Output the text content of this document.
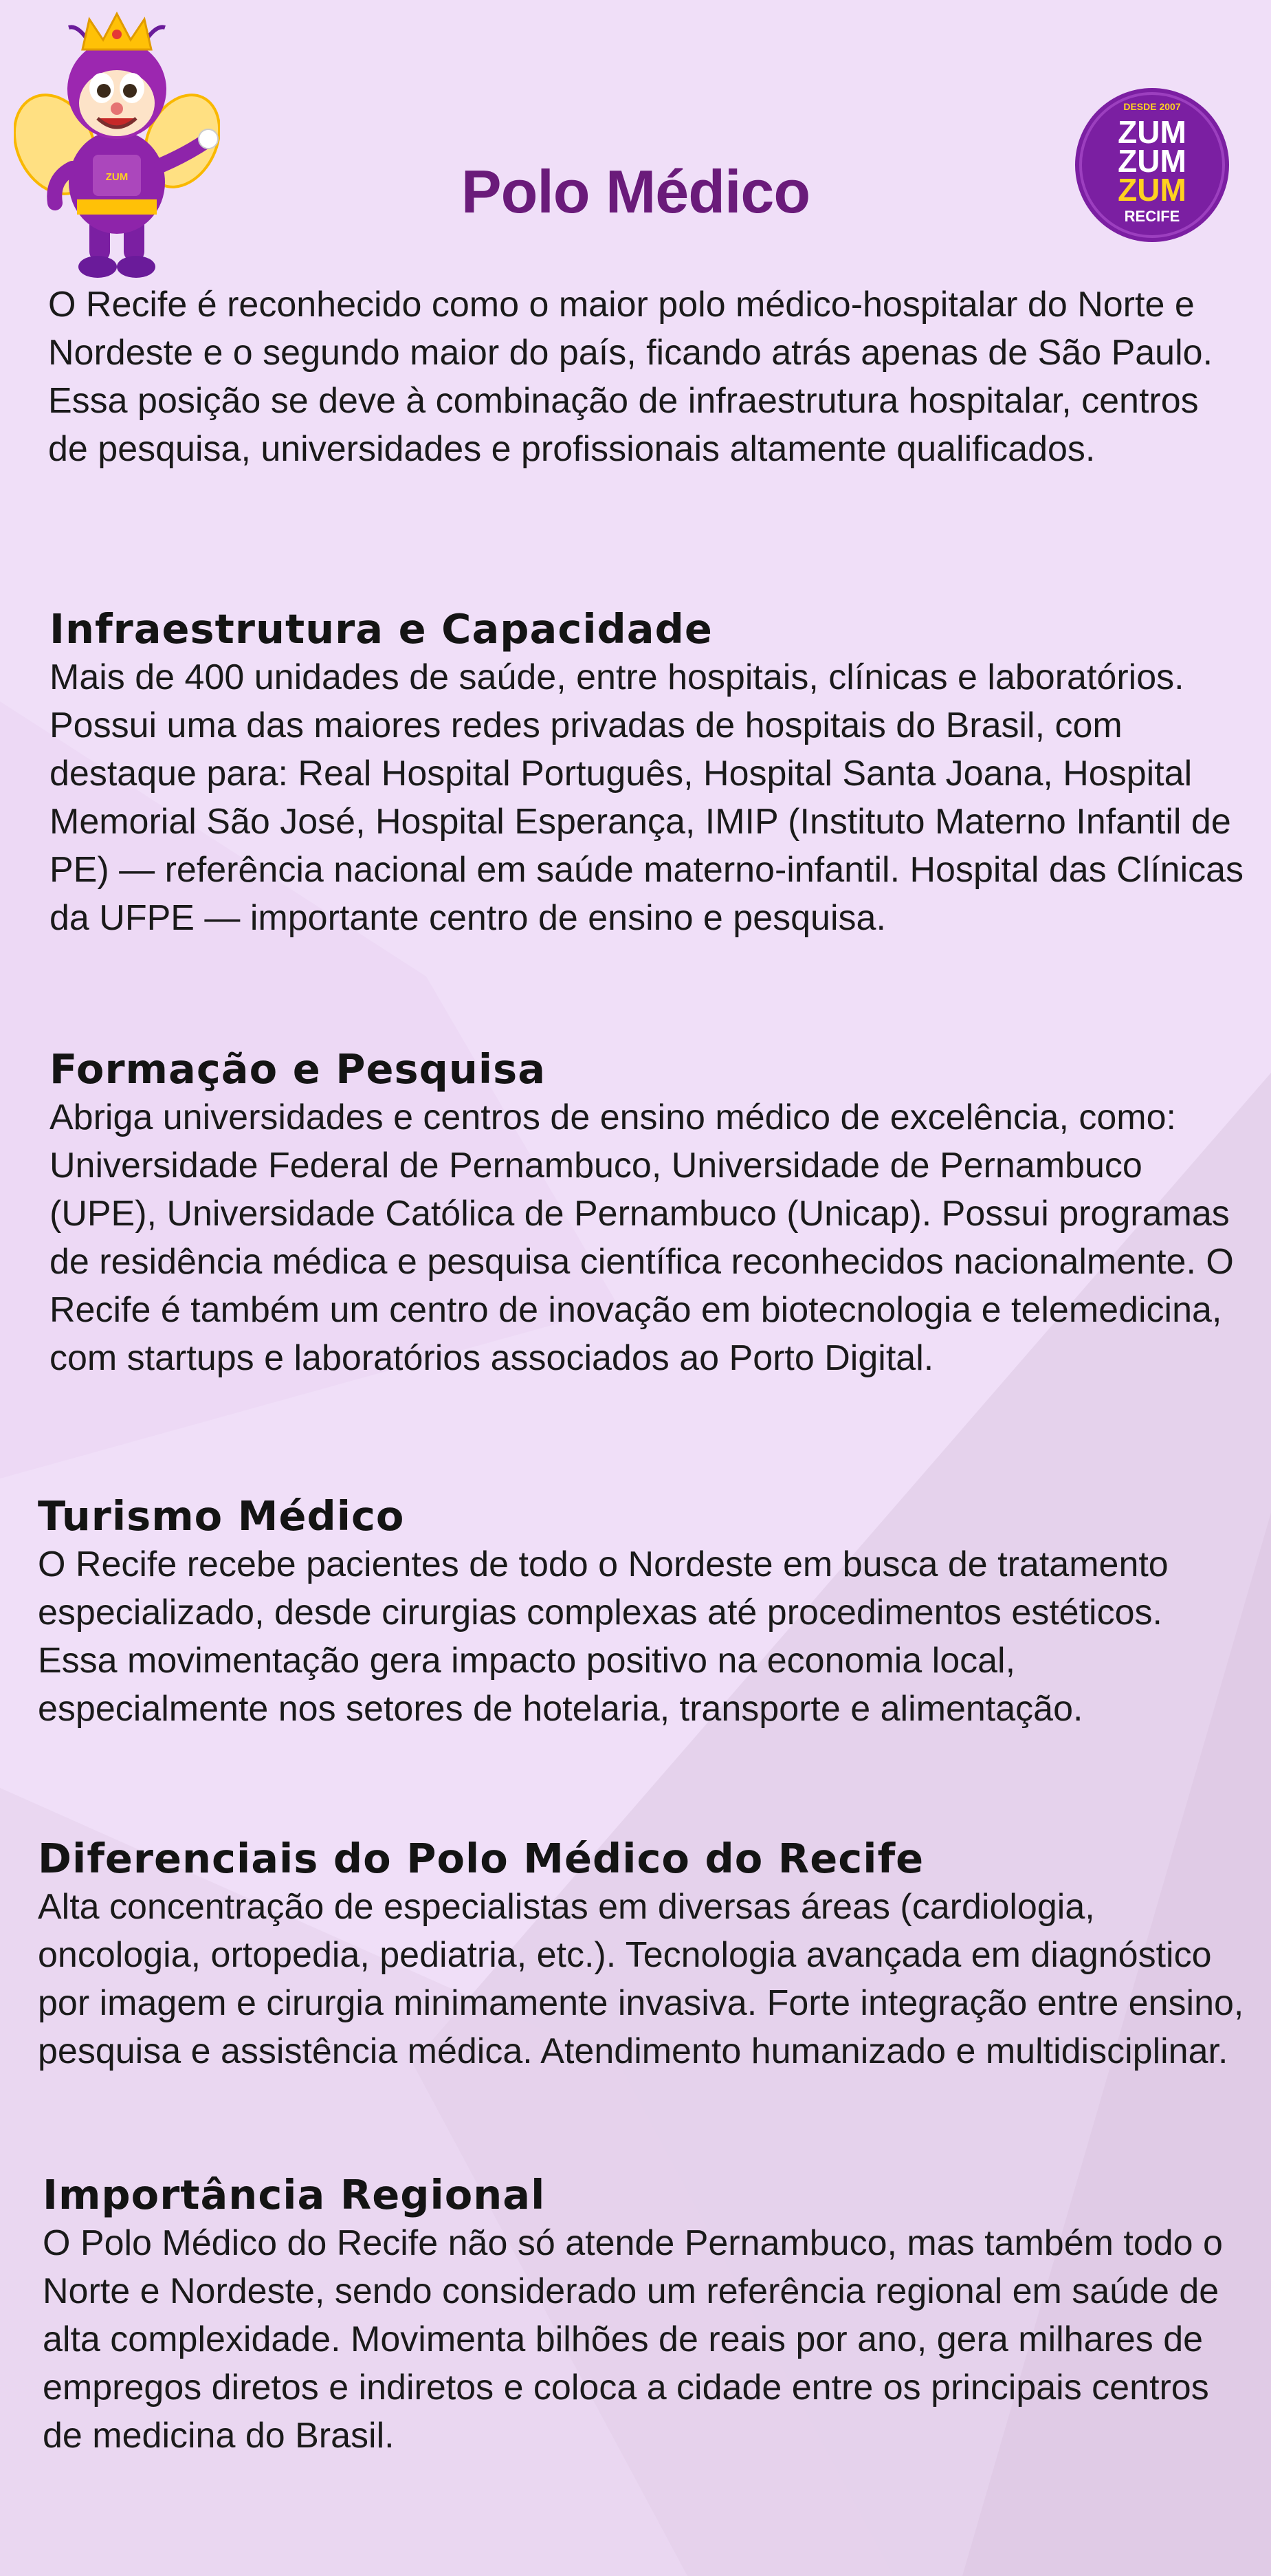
ZUM
DESDE 2007
ZUM
ZUM
ZUM
RECIFE
Polo Médico

O Recife é reconhecido como o maior polo médico-hospitalar do Norte e Nordeste e o segundo maior do país, ficando atrás apenas de São Paulo. Essa posição se deve à combinação de infraestrutura hospitalar, centros de pesquisa, universidades e profissionais altamente qualificados.

Infraestrutura e Capacidade

Mais de 400 unidades de saúde, entre hospitais, clínicas e laboratórios. Possui uma das maiores redes privadas de hospitais do Brasil, com destaque para: Real Hospital Português, Hospital Santa Joana, Hospital Memorial São José, Hospital Esperança, IMIP (Instituto Materno Infantil de PE) — referência nacional em saúde materno-infantil. Hospital das Clínicas da UFPE — importante centro de ensino e pesquisa.

Formação e Pesquisa

Abriga universidades e centros de ensino médico de excelência, como: Universidade Federal de Pernambuco, Universidade de Pernambuco (UPE), Universidade Católica de Pernambuco (Unicap). Possui programas de residência médica e pesquisa científica reconhecidos nacionalmente. O Recife é também um centro de inovação em biotecnologia e telemedicina, com startups e laboratórios associados ao Porto Digital.

Turismo Médico

O Recife recebe pacientes de todo o Nordeste em busca de tratamento especializado, desde cirurgias complexas até procedimentos estéticos. Essa movimentação gera impacto positivo na economia local, especialmente nos setores de hotelaria, transporte e alimentação.

Diferenciais do Polo Médico do Recife

Alta concentração de especialistas em diversas áreas (cardiologia, oncologia, ortopedia, pediatria, etc.). Tecnologia avançada em diagnóstico por imagem e cirurgia minimamente invasiva. Forte integração entre ensino, pesquisa e assistência médica. Atendimento humanizado e multidisciplinar.

Importância Regional

O Polo Médico do Recife não só atende Pernambuco, mas também todo o Norte e Nordeste, sendo considerado um referência regional em saúde de alta complexidade. Movimenta bilhões de reais por ano, gera milhares de empregos diretos e indiretos e coloca a cidade entre os principais centros de medicina do Brasil.
